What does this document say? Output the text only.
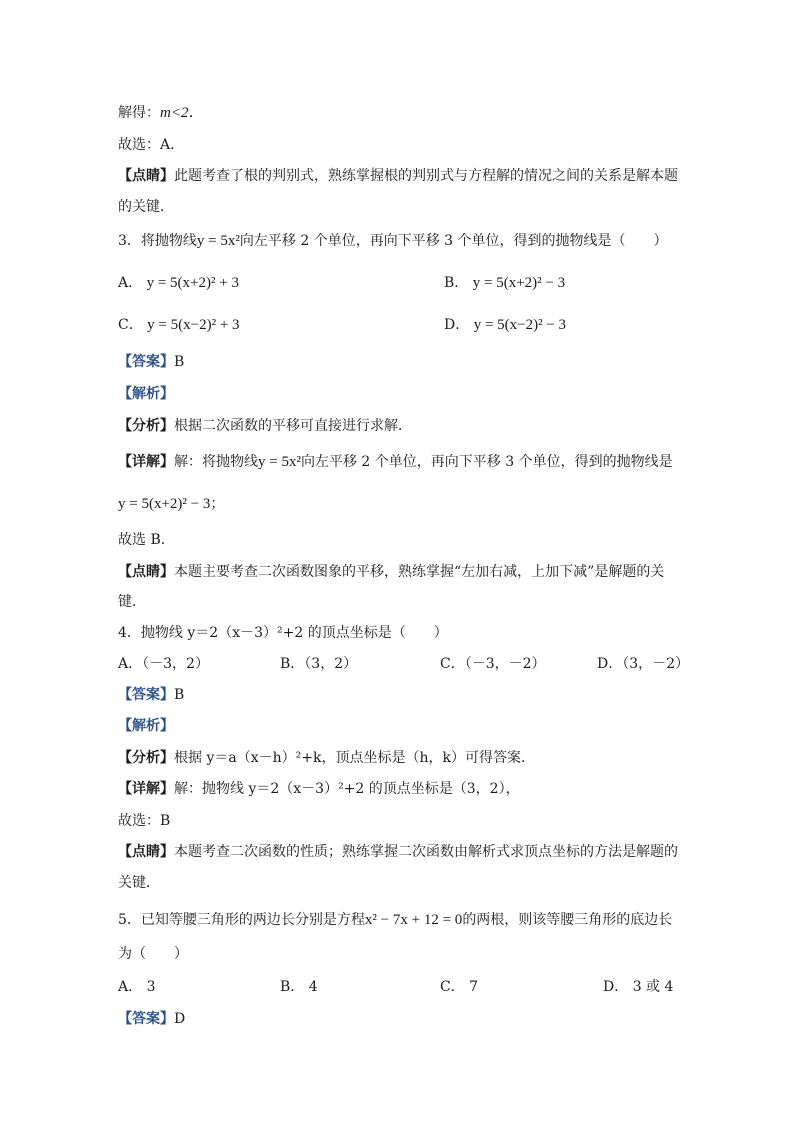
解得：m<2．
故选：A．
【点睛】此题考查了根的判别式，熟练掌握根的判别式与方程解的情况之间的关系是解本题
的关键．
3．将抛物线y = 5x²向左平移 2 个单位，再向下平移 3 个单位，得到的抛物线是（　　）
A． y = 5(x+2)² + 3	B． y = 5(x+2)² − 3
C． y = 5(x−2)² + 3	D． y = 5(x−2)² − 3
【答案】B
【解析】
【分析】根据二次函数的平移可直接进行求解．
【详解】解：将抛物线y = 5x²向左平移 2 个单位，再向下平移 3 个单位，得到的抛物线是
y = 5(x+2)² − 3；
故选 B．
【点睛】本题主要考查二次函数图象的平移，熟练掌握“左加右减，上加下减”是解题的关
键．
4．抛物线 y＝2（x－3）²+2 的顶点坐标是（　　）
A．（－3，2）	B．（3，2）	C．（－3，－2）	D．（3，－2）
【答案】B
【解析】
【分析】根据 y＝a（x－h）²+k，顶点坐标是（h，k）可得答案．
【详解】解：抛物线 y＝2（x－3）²+2 的顶点坐标是（3，2），
故选：B
【点睛】本题考查二次函数的性质；熟练掌握二次函数由解析式求顶点坐标的方法是解题的
关键．
5．已知等腰三角形的两边长分别是方程x² − 7x + 12 = 0的两根，则该等腰三角形的底边长
为（　　）
A． 3	B． 4	C． 7	D． 3 或 4
【答案】D
